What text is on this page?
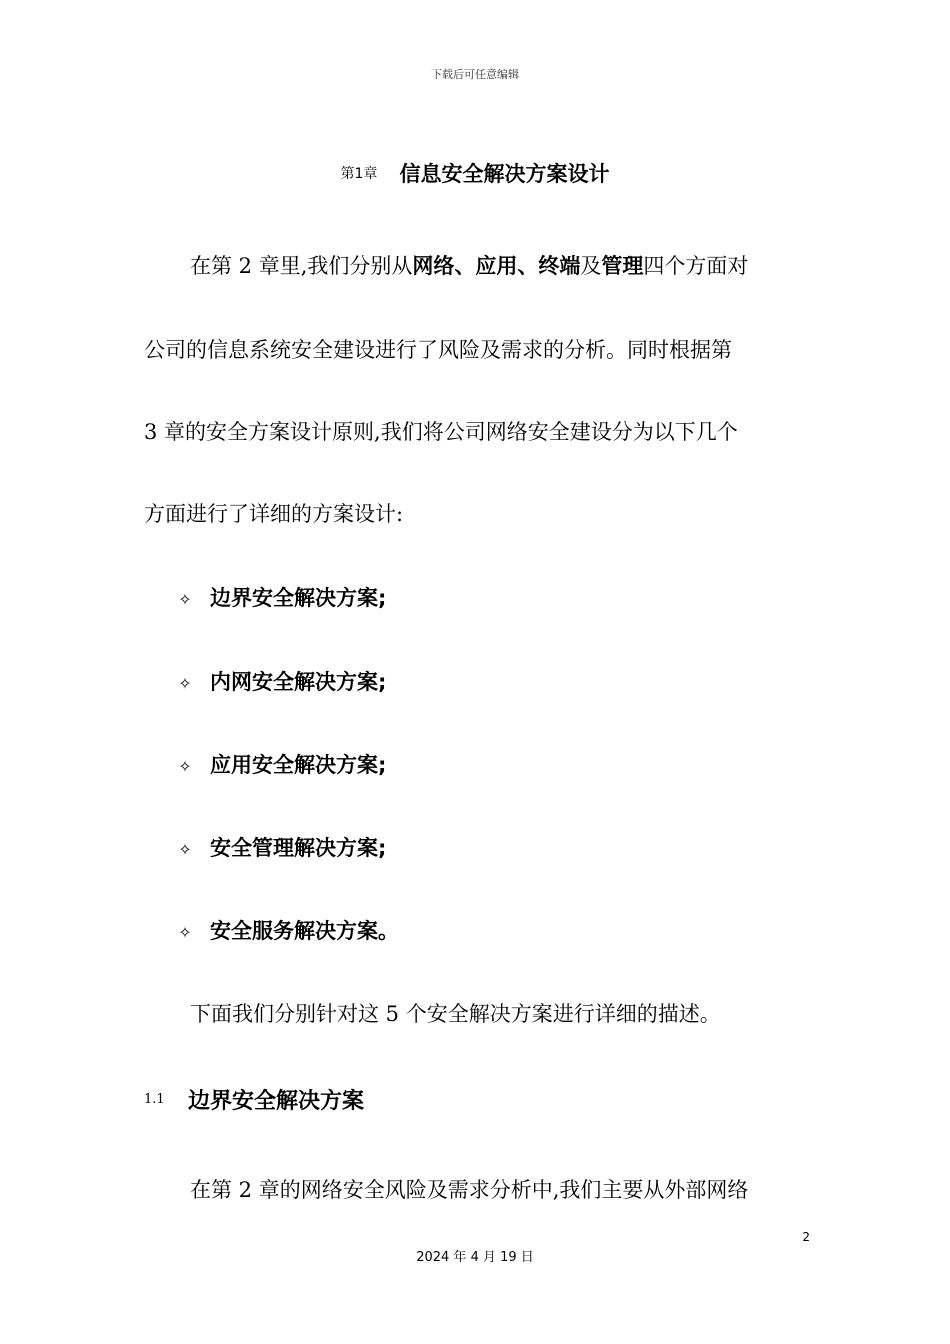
下载后可任意编辑
第1章 信息安全解决方案设计
在第 2 章里,我们分别从网络、应用、终端及管理四个方面对
公司的信息系统安全建设进行了风险及需求的分析。同时根据第
3 章的安全方案设计原则,我们将公司网络安全建设分为以下几个
方面进行了详细的方案设计:
✧ 边界安全解决方案;
✧ 内网安全解决方案;
✧ 应用安全解决方案;
✧ 安全管理解决方案;
✧ 安全服务解决方案。
下面我们分别针对这 5 个安全解决方案进行详细的描述。
1.1 边界安全解决方案
在第 2 章的网络安全风险及需求分析中,我们主要从外部网络
2
2024 年 4 月 19 日
